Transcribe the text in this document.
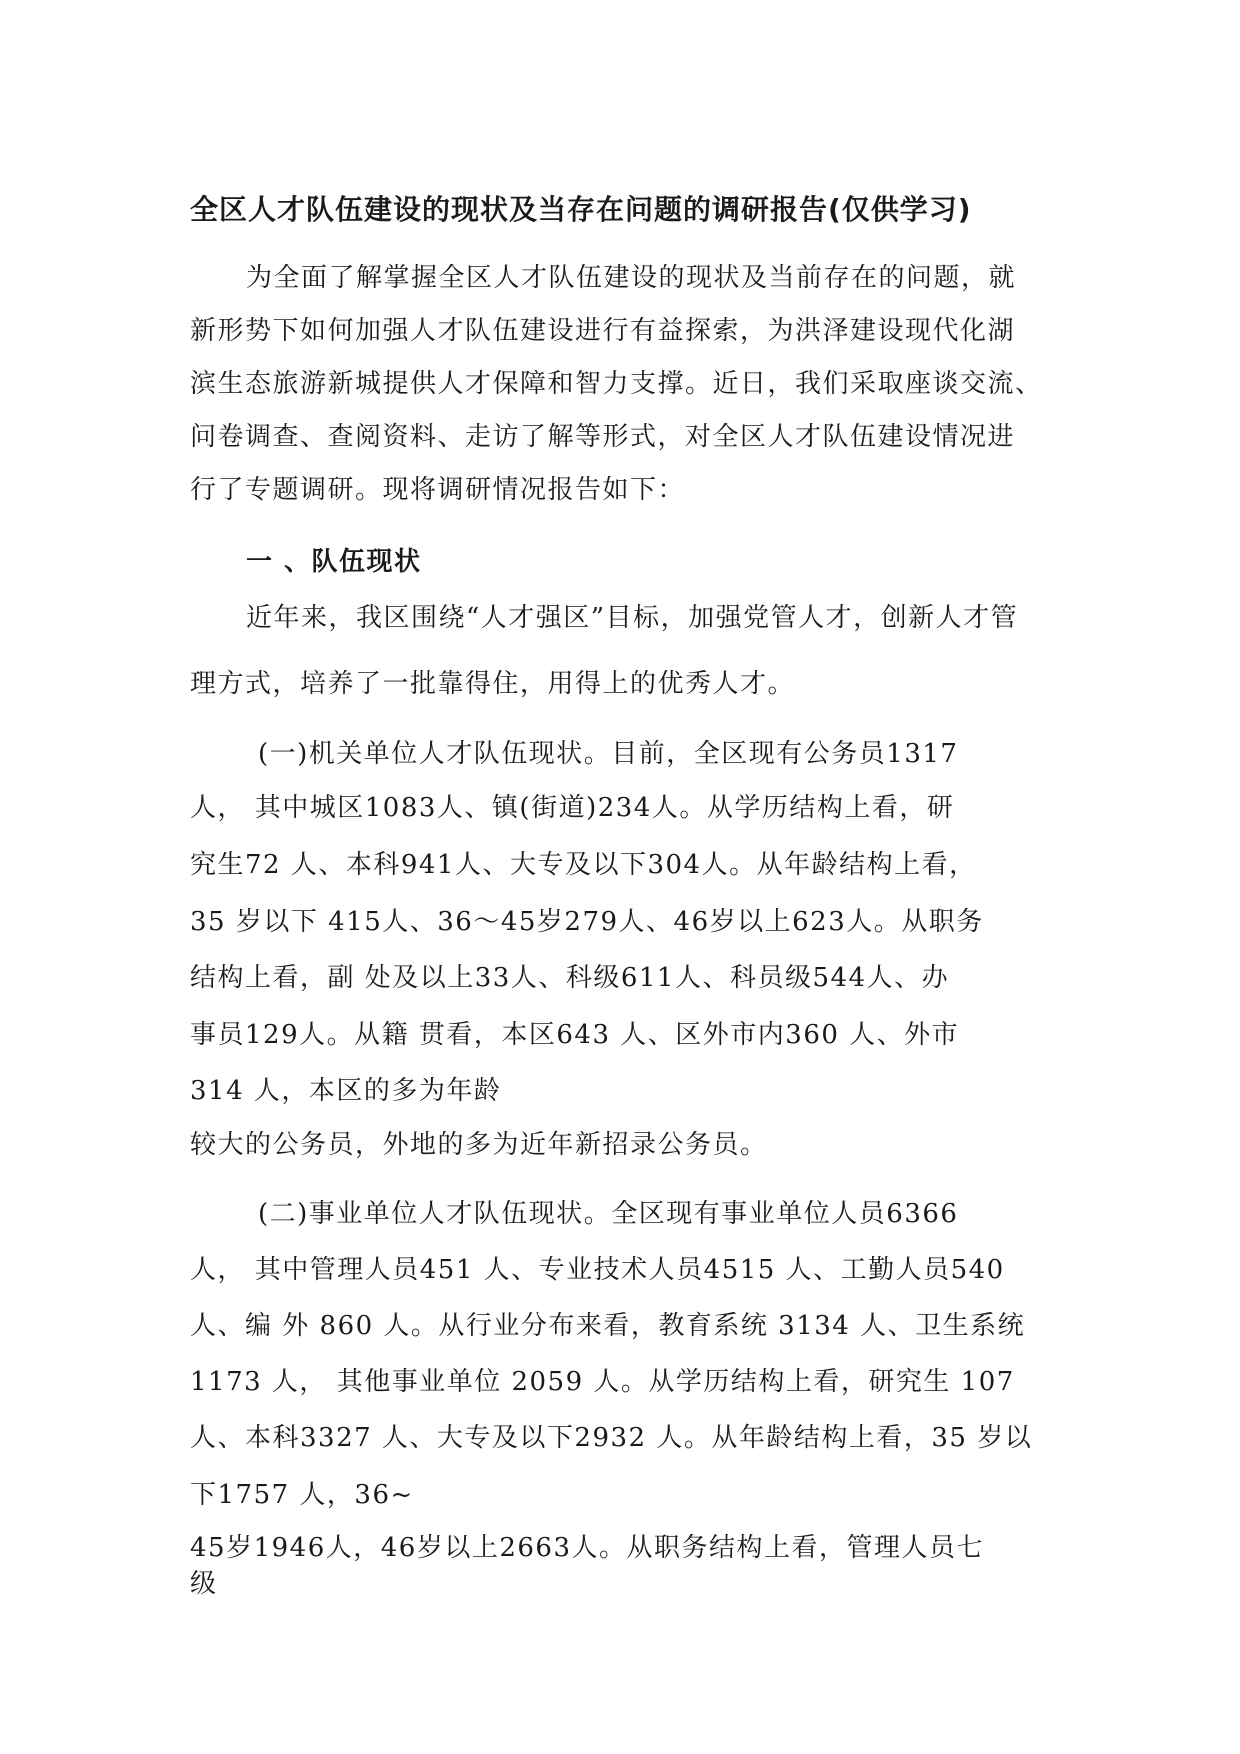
全区人才队伍建设的现状及当存在问题的调研报告(仅供学习)
为全面了解掌握全区人才队伍建设的现状及当前存在的问题，就
新形势下如何加强人才队伍建设进行有益探索，为洪泽建设现代化湖
滨生态旅游新城提供人才保障和智力支撑。近日，我们采取座谈交流、
问卷调查、查阅资料、走访了解等形式，对全区人才队伍建设情况进
行了专题调研。现将调研情况报告如下：
一 、队伍现状
近年来，我区围绕“人才强区”目标，加强党管人才，创新人才管
理方式，培养了一批靠得住，用得上的优秀人才。
(一)机关单位人才队伍现状。目前，全区现有公务员1317
人， 其中城区1083人、镇(街道)234人。从学历结构上看，研
究生72 人、本科941人、大专及以下304人。从年龄结构上看，
35 岁以下 415人、36～45岁279人、46岁以上623人。从职务
结构上看，副 处及以上33人、科级611人、科员级544人、办
事员129人。从籍 贯看，本区643 人、区外市内360 人、外市
314 人，本区的多为年龄
较大的公务员，外地的多为近年新招录公务员。
(二)事业单位人才队伍现状。全区现有事业单位人员6366
人， 其中管理人员451 人、专业技术人员4515 人、工勤人员540
人、编 外 860 人。从行业分布来看，教育系统 3134 人、卫生系统
1173 人， 其他事业单位 2059 人。从学历结构上看，研究生 107
人、本科3327 人、大专及以下2932 人。从年龄结构上看，35 岁以
下1757 人，36~
45岁1946人，46岁以上2663人。从职务结构上看，管理人员七
级
